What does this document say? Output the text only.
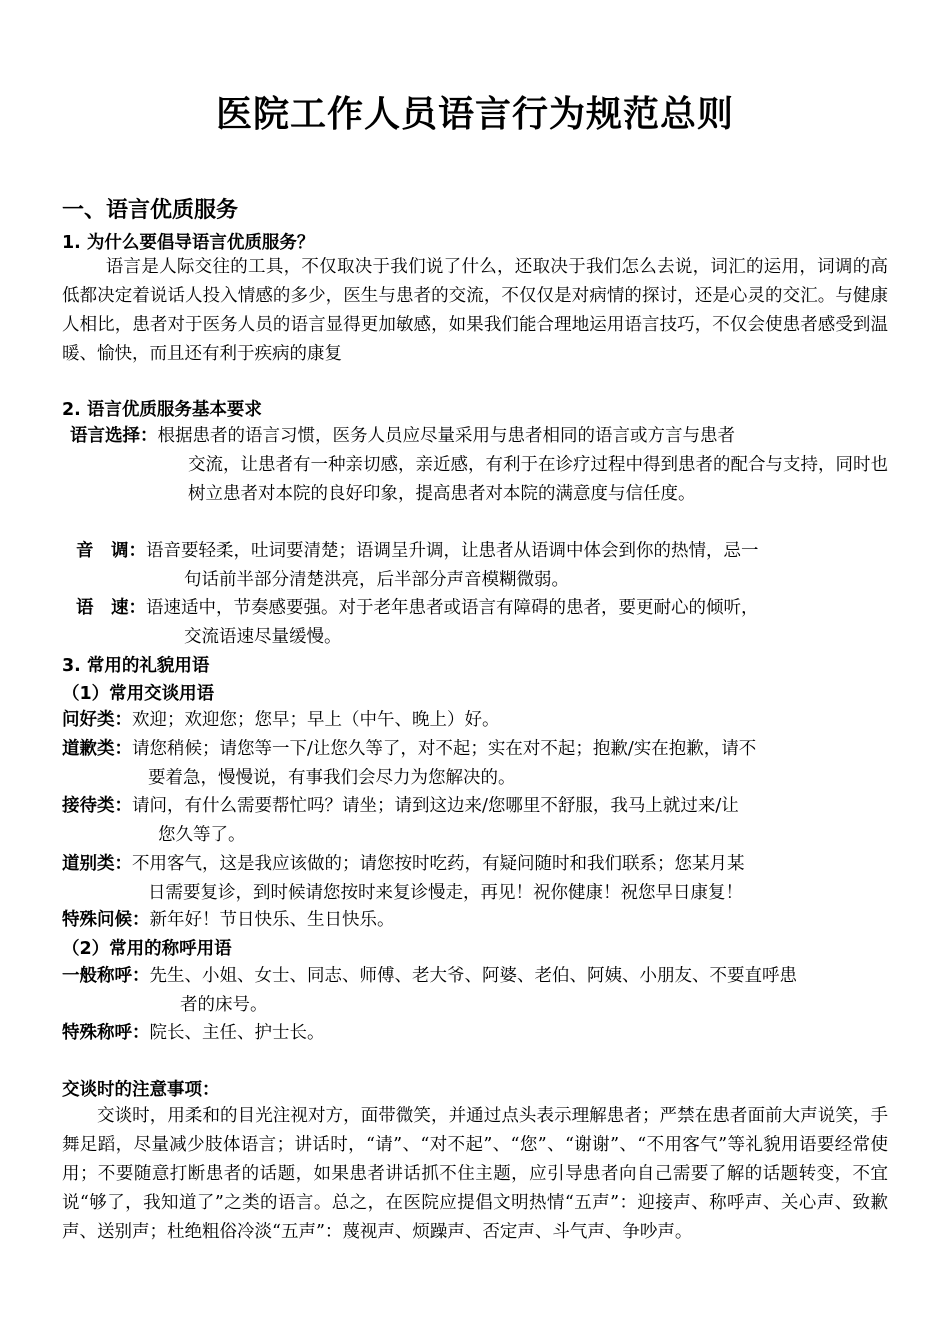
医院工作人员语言行为规范总则
一、语言优质服务
1. 为什么要倡导语言优质服务？

语言是人际交往的工具，不仅取决于我们说了什么，还取决于我们怎么去说，词汇的运用，词调的高低都决定着说话人投入情感的多少，医生与患者的交流，不仅仅是对病情的探讨，还是心灵的交汇。与健康人相比，患者对于医务人员的语言显得更加敏感，如果我们能合理地运用语言技巧，不仅会使患者感受到温暖、愉快，而且还有利于疾病的康复

2. 语言优质服务基本要求
语言选择：根据患者的语言习惯，医务人员应尽量采用与患者相同的语言或方言与患者
交流，让患者有一种亲切感，亲近感，有利于在诊疗过程中得到患者的配合与支持，同时也树立患者对本院的良好印象，提高患者对本院的满意度与信任度。
音　调：语音要轻柔，吐词要清楚；语调呈升调，让患者从语调中体会到你的热情，忌一
句话前半部分清楚洪亮，后半部分声音模糊微弱。
语　速：语速适中，节奏感要强。对于老年患者或语言有障碍的患者，要更耐心的倾听，
交流语速尽量缓慢。
3. 常用的礼貌用语
（1）常用交谈用语
问好类：欢迎；欢迎您；您早；早上（中午、晚上）好。
道歉类：请您稍候；请您等一下/让您久等了，对不起；实在对不起；抱歉/实在抱歉，请不
要着急，慢慢说，有事我们会尽力为您解决的。
接待类：请问，有什么需要帮忙吗？请坐；请到这边来/您哪里不舒服，我马上就过来/让
您久等了。
道别类：不用客气，这是我应该做的；请您按时吃药，有疑问随时和我们联系；您某月某
日需要复诊，到时候请您按时来复诊慢走，再见！祝你健康！祝您早日康复！
特殊问候：新年好！节日快乐、生日快乐。
（2）常用的称呼用语
一般称呼：先生、小姐、女士、同志、师傅、老大爷、阿婆、老伯、阿姨、小朋友、不要直呼患
者的床号。
特殊称呼：院长、主任、护士长。
交谈时的注意事项：

交谈时，用柔和的目光注视对方，面带微笑，并通过点头表示理解患者；严禁在患者面前大声说笑，手舞足蹈，尽量减少肢体语言；讲话时，“请”、“对不起”、“您”、“谢谢”、“不用客气”等礼貌用语要经常使用；不要随意打断患者的话题，如果患者讲话抓不住主题，应引导患者向自己需要了解的话题转变，不宜说“够了，我知道了”之类的语言。总之，在医院应提倡文明热情“五声”：迎接声、称呼声、关心声、致歉声、送别声；杜绝粗俗冷淡“五声”：蔑视声、烦躁声、否定声、斗气声、争吵声。
